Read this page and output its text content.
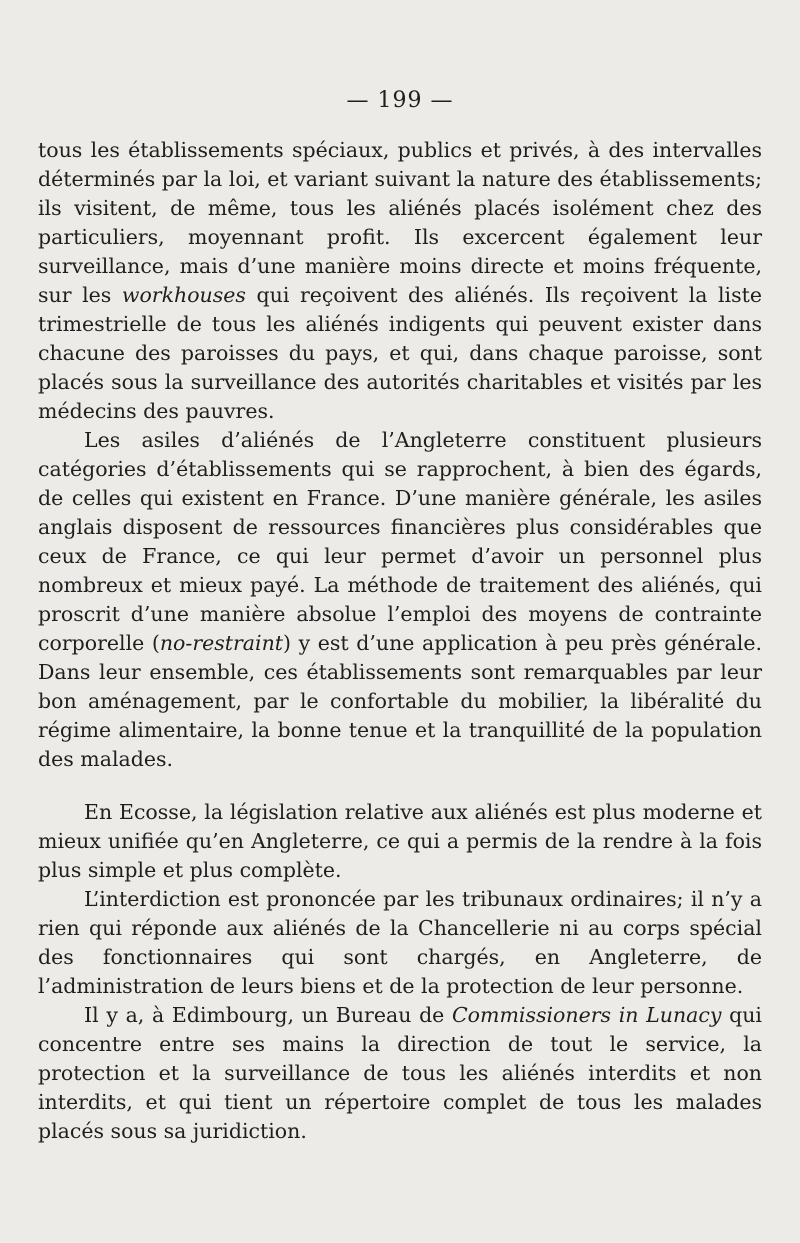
— 199 —

tous les établissements spéciaux, publics et privés, à des intervalles déterminés par la loi, et variant suivant la nature des établissements; ils visitent, de même, tous les aliénés placés isolément chez des particuliers, moyennant profit. Ils excercent également leur surveillance, mais d’une manière moins directe et moins fréquente, sur les workhouses qui reçoivent des aliénés. Ils reçoivent la liste trimestrielle de tous les aliénés indigents qui peuvent exister dans chacune des paroisses du pays, et qui, dans chaque paroisse, sont placés sous la surveillance des autorités charitables et visités par les médecins des pauvres.

Les asiles d’aliénés de l’Angleterre constituent plusieurs catégories d’établissements qui se rapprochent, à bien des égards, de celles qui existent en France. D’une manière générale, les asiles anglais disposent de ressources financières plus considérables que ceux de France, ce qui leur permet d’avoir un personnel plus nombreux et mieux payé. La méthode de traitement des aliénés, qui proscrit d’une manière absolue l’emploi des moyens de contrainte corporelle (no-restraint) y est d’une application à peu près générale. Dans leur ensemble, ces établissements sont remarquables par leur bon aménagement, par le confortable du mobilier, la libéralité du régime alimentaire, la bonne tenue et la tranquillité de la population des malades.

En Ecosse, la législation relative aux aliénés est plus moderne et mieux unifiée qu’en Angleterre, ce qui a permis de la rendre à la fois plus simple et plus complète.

L’interdiction est prononcée par les tribunaux ordinaires; il n’y a rien qui réponde aux aliénés de la Chancellerie ni au corps spécial des fonctionnaires qui sont chargés, en Angleterre, de l’administration de leurs biens et de la protection de leur personne.

Il y a, à Edimbourg, un Bureau de Commissioners in Lunacy qui concentre entre ses mains la direction de tout le service, la protection et la surveillance de tous les aliénés interdits et non interdits, et qui tient un répertoire complet de tous les malades placés sous sa juridiction.
